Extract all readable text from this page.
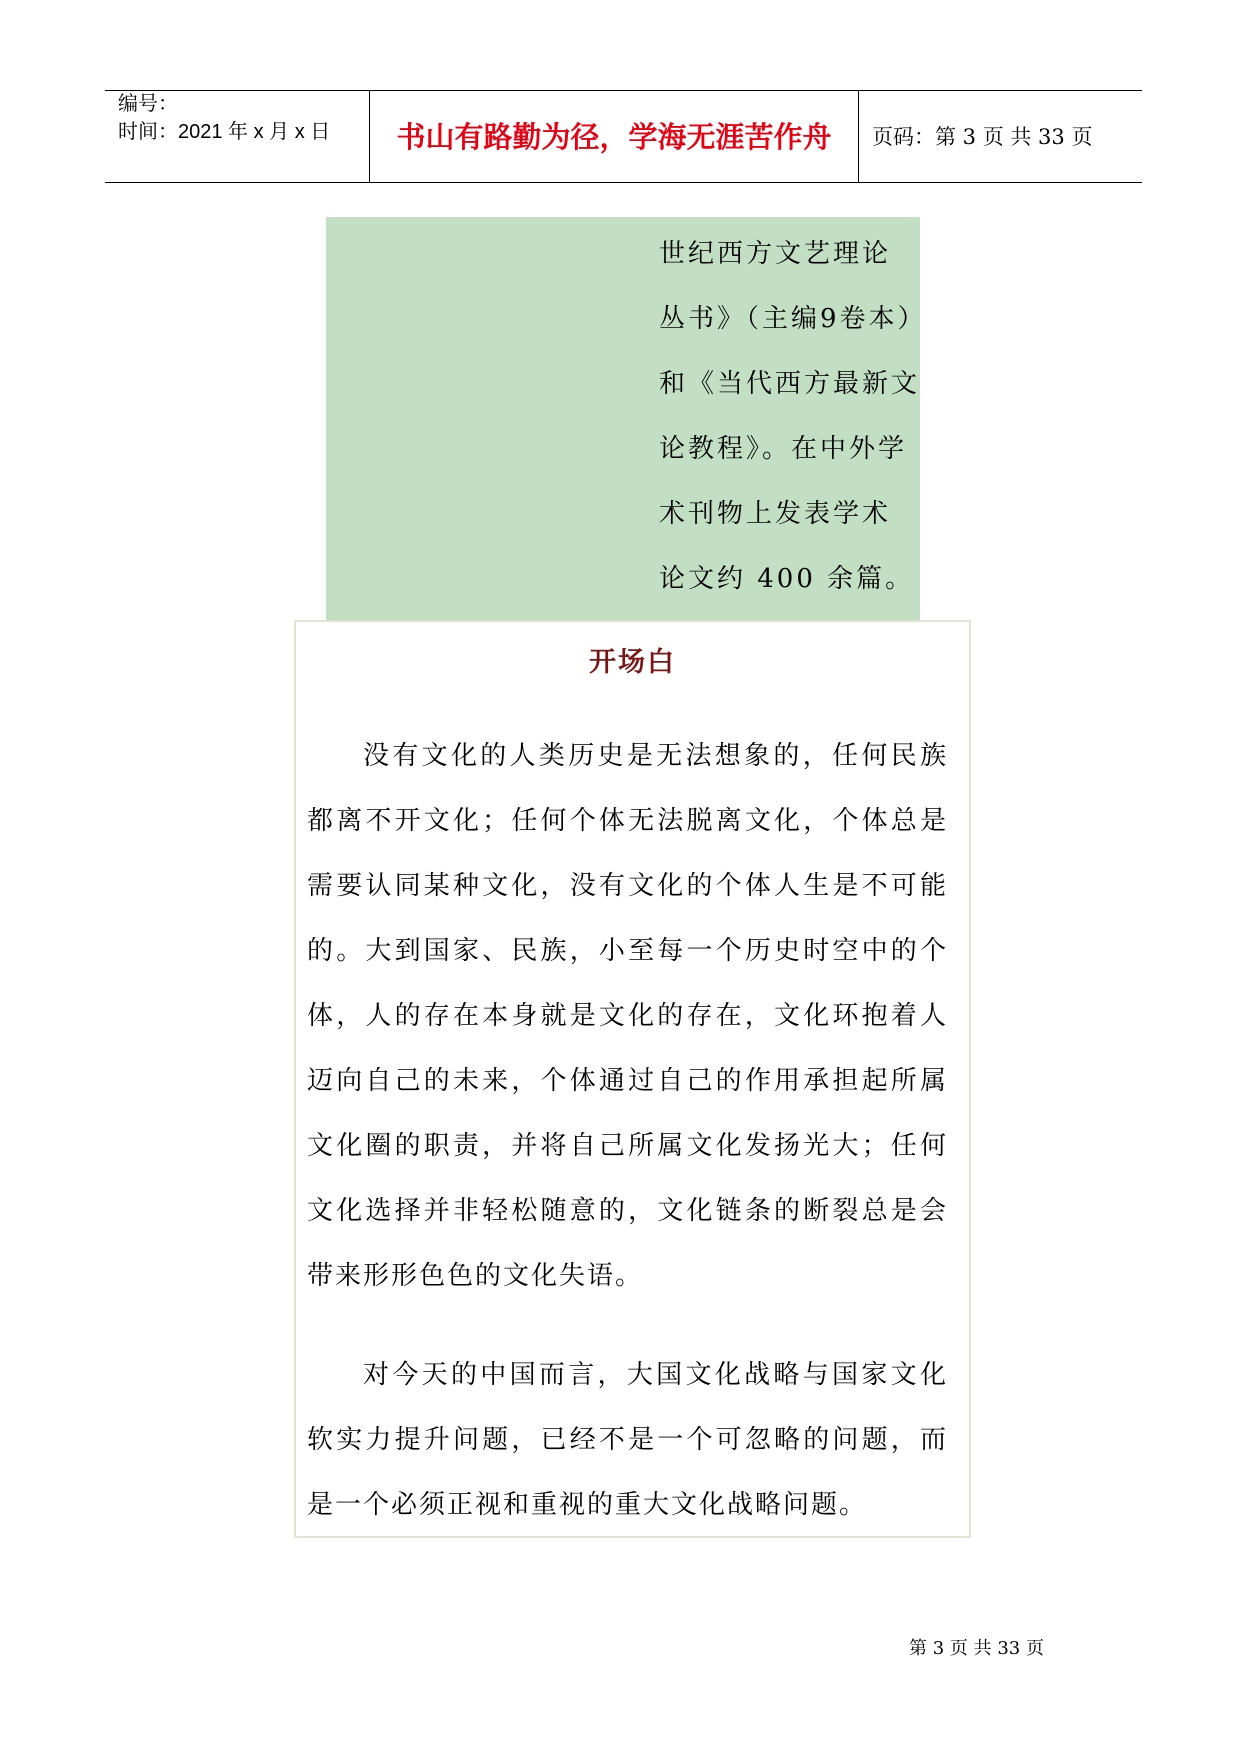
编号：
时间：2021 年 x 月 x 日	书山有路勤为径，学海无涯苦作舟	页码：第 3 页 共 33 页
世纪西方文艺理论
丛书》（主编9卷本）
和《当代西方最新文
论教程》。在中外学
术刊物上发表学术
论文约 400 余篇。
开场白
没有文化的人类历史是无法想象的，任何民族
都离不开文化；任何个体无法脱离文化，个体总是
需要认同某种文化，没有文化的个体人生是不可能
的。大到国家、民族，小至每一个历史时空中的个
体，人的存在本身就是文化的存在，文化环抱着人
迈向自己的未来，个体通过自己的作用承担起所属
文化圈的职责，并将自己所属文化发扬光大；任何
文化选择并非轻松随意的，文化链条的断裂总是会
带来形形色色的文化失语。
对今天的中国而言，大国文化战略与国家文化
软实力提升问题，已经不是一个可忽略的问题，而
是一个必须正视和重视的重大文化战略问题。
第 3 页 共 33 页
